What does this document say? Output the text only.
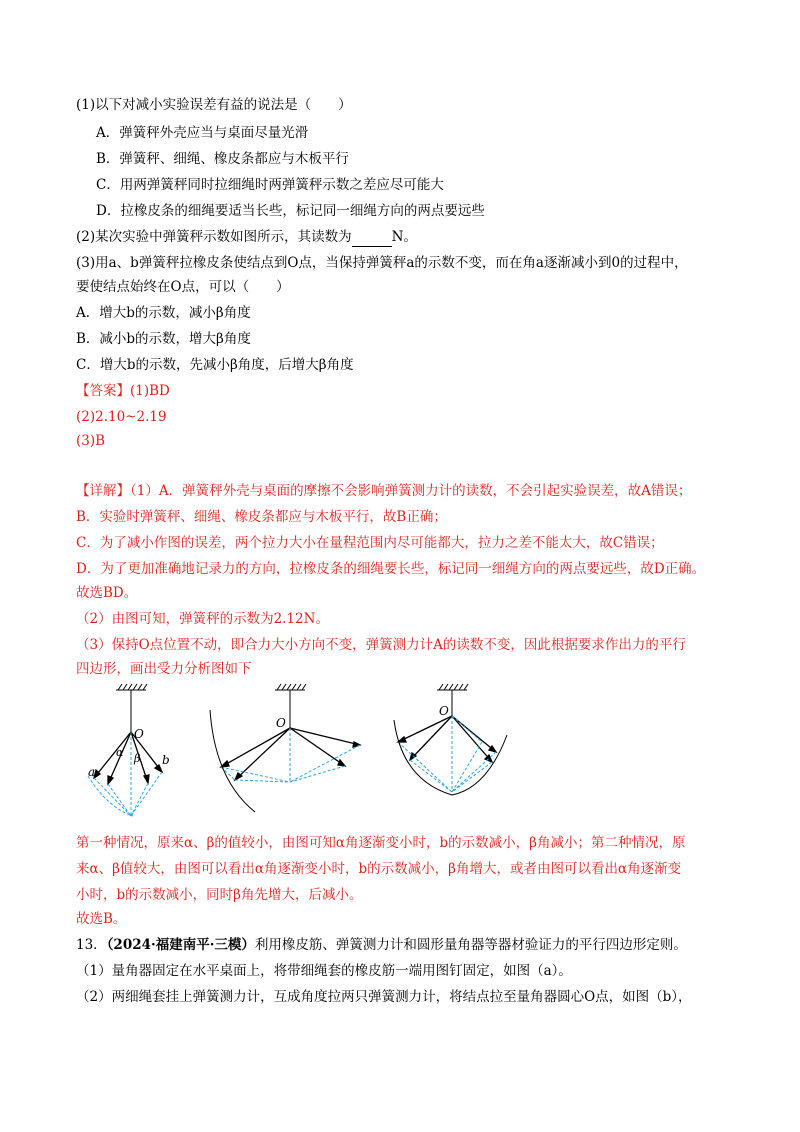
(1)以下对减小实验误差有益的说法是（　　）
A．弹簧秤外壳应当与桌面尽量光滑
B．弹簧秤、细绳、橡皮条都应与木板平行
C．用两弹簧秤同时拉细绳时两弹簧秤示数之差应尽可能大
D．拉橡皮条的细绳要适当长些，标记同一细绳方向的两点要远些
(2)某次实验中弹簧秤示数如图所示，其读数为	N。
(3)用a、b弹簧秤拉橡皮条使结点到O点，当保持弹簧秤a的示数不变，而在角a逐渐减小到0的过程中，
要使结点始终在O点，可以（　　）
A．增大b的示数，减小β角度
B．减小b的示数，增大β角度
C．增大b的示数，先减小β角度，后增大β角度
【答案】(1)BD
(2)2.10~2.19
(3)B
【详解】（1）A．弹簧秤外壳与桌面的摩擦不会影响弹簧测力计的读数，不会引起实验误差，故A错误；
B．实验时弹簧秤、细绳、橡皮条都应与木板平行，故B正确；
C．为了减小作图的误差，两个拉力大小在量程范围内尽可能都大，拉力之差不能太大，故C错误；
D．为了更加准确地记录力的方向，拉橡皮条的细绳要长些，标记同一细绳方向的两点要远些，故D正确。
故选BD。
（2）由图可知，弹簧秤的示数为2.12N。
（3）保持O点位置不动，即合力大小方向不变，弹簧测力计A的读数不变，因此根据要求作出力的平行
四边形，画出受力分析图如下
O
a
b
α β
O
O
第一种情况，原来α、β的值较小，由图可知α角逐渐变小时，b的示数减小，β角减小；第二种情况，原
来α、β值较大，由图可以看出α角逐渐变小时，b的示数减小，β角增大，或者由图可以看出α角逐渐变
小时，b的示数减小，同时β角先增大，后减小。
故选B。
13．（2024·福建南平·三模）利用橡皮筋、弹簧测力计和圆形量角器等器材验证力的平行四边形定则。
（1）量角器固定在水平桌面上，将带细绳套的橡皮筋一端用图钉固定，如图（a）。
（2）两细绳套挂上弹簧测力计，互成角度拉两只弹簧测力计，将结点拉至量角器圆心O点，如图（b），
